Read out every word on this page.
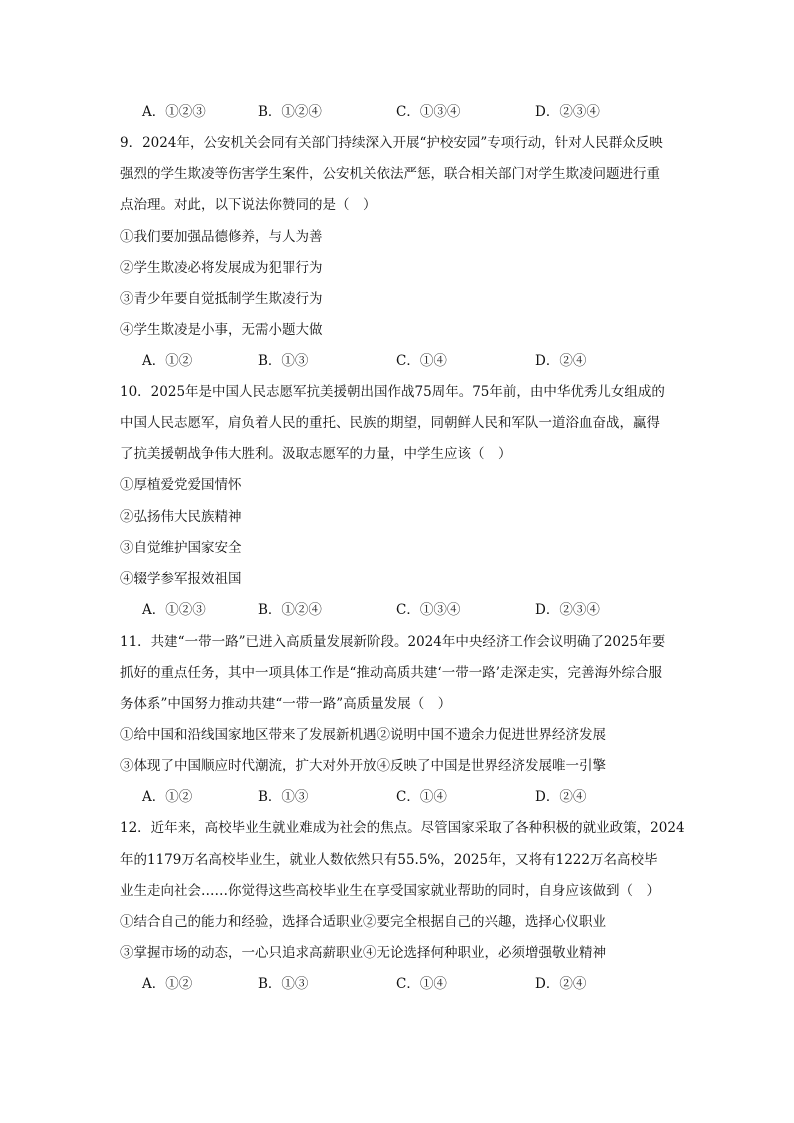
A．①②③	B．①②④	C．①③④	D．②③④
9．2024年，公安机关会同有关部门持续深入开展“护校安园”专项行动，针对人民群众反映
强烈的学生欺凌等伤害学生案件，公安机关依法严惩，联合相关部门对学生欺凌问题进行重
点治理。对此，以下说法你赞同的是（　）
①我们要加强品德修养，与人为善
②学生欺凌必将发展成为犯罪行为
③青少年要自觉抵制学生欺凌行为
④学生欺凌是小事，无需小题大做
A．①②	B．①③	C．①④	D．②④
10．2025年是中国人民志愿军抗美援朝出国作战75周年。75年前，由中华优秀儿女组成的
中国人民志愿军，肩负着人民的重托、民族的期望，同朝鲜人民和军队一道浴血奋战，赢得
了抗美援朝战争伟大胜利。汲取志愿军的力量，中学生应该（　）
①厚植爱党爱国情怀
②弘扬伟大民族精神
③自觉维护国家安全
④辍学参军报效祖国
A．①②③	B．①②④	C．①③④	D．②③④
11．共建“一带一路”已进入高质量发展新阶段。2024年中央经济工作会议明确了2025年要
抓好的重点任务，其中一项具体工作是“推动高质共建‘一带一路’走深走实，完善海外综合服
务体系”中国努力推动共建“一带一路”高质量发展（　）
①给中国和沿线国家地区带来了发展新机遇②说明中国不遗余力促进世界经济发展
③体现了中国顺应时代潮流，扩大对外开放④反映了中国是世界经济发展唯一引擎
A．①②	B．①③	C．①④	D．②④
12．近年来，高校毕业生就业难成为社会的焦点。尽管国家采取了各种积极的就业政策，2024
年的1179万名高校毕业生，就业人数依然只有55.5%，2025年，又将有1222万名高校毕
业生走向社会……你觉得这些高校毕业生在享受国家就业帮助的同时，自身应该做到（　）
①结合自己的能力和经验，选择合适职业②要完全根据自己的兴趣，选择心仪职业
③掌握市场的动态，一心只追求高薪职业④无论选择何种职业，必须增强敬业精神
A．①②	B．①③	C．①④	D．②④
